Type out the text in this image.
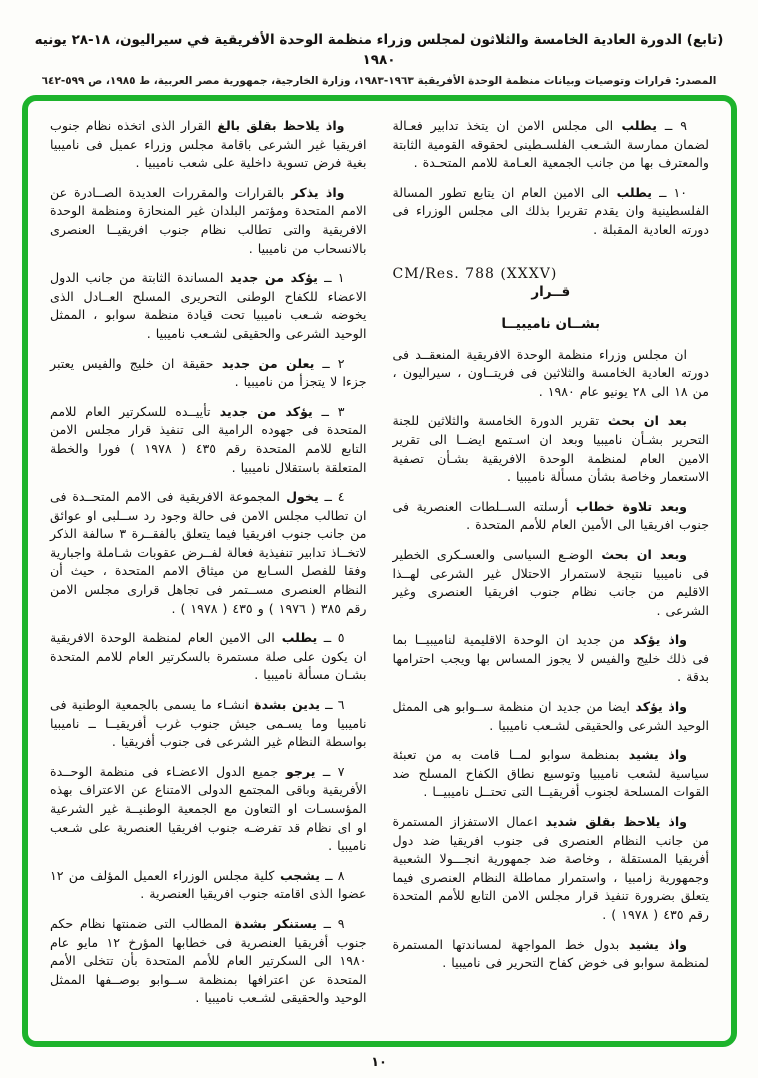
(تابع) الدورة العادية الخامسة والثلاثون لمجلس وزراء منظمة الوحدة الأفريقية في سيراليون، ١٨-٢٨ يونيه ١٩٨٠
المصدر: قرارات وتوصيات وبيانات منظمة الوحدة الأفريقية ١٩٦٣-١٩٨٣، وزارة الخارجية، جمهورية مصر العربية، ط ١٩٨٥، ص ٥٩٩-٦٤٢

٩ ــ يطلب الى مجلس الامن ان يتخذ تدابير فعـالة لضمان ممارسة الشـعب الفلسـطينى لحقوقه القومية الثابتة والمعترف بها من جانب الجمعية العـامة للامم المتحـدة .

١٠ ــ يطلب الى الامين العام ان يتابع تطور المسالة الفلسطينية وان يقدم تقريرا بذلك الى مجلس الوزراء فى دورته العادية المقبلة .

CM/Res. 788 (XXXV)
قــرار
بشــان ناميبيــا

ان مجلس وزراء منظمة الوحدة الافريقية المنعقــد فى دورته العادية الخامسة والثلاثين فى فريتــاون ، سيراليون ، من ١٨ الى ٢٨ يونيو عام ١٩٨٠ .

بعد ان بحث تقرير الدورة الخامسة والثلاثين للجنة التحرير بشـأن ناميبيا وبعد ان اسـتمع ايضــا الى تقرير الامين العام لمنظمة الوحدة الافريقية بشـأن تصفية الاستعمار وخاصة بشأن مسألة ناميبيا .

وبعد تلاوة خطاب أرسلته الســلطات العنصرية فى جنوب افريقيا الى الأمين العام للأمم المتحدة .

وبعد ان بحث الوضـع السياسى والعسـكرى الخطير فى ناميبيا نتيجة لاستمرار الاحتلال غير الشرعى لهــذا الاقليم من جانب نظام جنوب افريقيا العنصرى وغير الشرعى .

واذ يؤكد من جديد ان الوحدة الاقليمية لناميبيــا بما فى ذلك خليج والفيس لا يجوز المساس بها ويجب احترامها بدقة .

واذ يؤكد ايضا من جديد ان منظمة ســوابو هى الممثل الوحيد الشرعى والحقيقى لشـعب ناميبيا .

واذ يشيد بمنظمة سوابو لمــا قامت به من تعبئة سياسية لشعب ناميبيا وتوسيع نطاق الكفاح المسلح ضد القوات المسلحة لجنوب أفريقيــا التى تحتــل ناميبيــا .

واذ يلاحظ بقلق شديد اعمال الاستفزاز المستمرة من جانب النظام العنصرى فى جنوب افريقيا ضد دول أفريقيا المستقلة ، وخاصة ضد جمهورية انجـــولا الشعبية وجمهورية زامبيا ، واستمرار مماطلة النظام العنصرى فيما يتعلق بضرورة تنفيذ قرار مجلس الامن التابع للأمم المتحدة رقم ٤٣٥ ( ١٩٧٨ ) .

واذ يشيد بدول خط المواجهة لمساندتها المستمرة لمنظمة سوابو فى خوض كفاح التحرير فى ناميبيا .

واذ يلاحظ بقلق بالغ القرار الذى اتخذه نظام جنوب افريقيا غير الشرعى باقامة مجلس وزراء عميل فى ناميبيا بغية فرض تسوية داخلية على شعب ناميبيا .

واذ يذكر بالقرارات والمقررات العديدة الصــادرة عن الامم المتحدة ومؤتمر البلدان غير المنحازة ومنظمة الوحدة الافريقية والتى تطالب نظام جنوب افريقيــا العنصرى بالانسحاب من ناميبيا .

١ ــ يؤكد من جديد المساندة الثابتة من جانب الدول الاعضاء للكفاح الوطنى التحريرى المسلح العــادل الذى يخوضه شـعب ناميبيا تحت قيادة منظمة سوابو ، الممثل الوحيد الشرعى والحقيقى لشـعب ناميبيا .

٢ ــ يعلن من جديد حقيقة ان خليج والفيس يعتبر جزءا لا يتجزأ من ناميبيا .

٣ ــ يؤكد من جديد تأييــده للسكرتير العام للامم المتحدة فى جهوده الرامية الى تنفيذ قرار مجلس الامن التابع للامم المتحدة رقم ٤٣٥ ( ١٩٧٨ ) فورا والخطة المتعلقة باستقلال ناميبيا .

٤ ــ يخول المجموعة الافريقية فى الامم المتحــدة فى ان تطالب مجلس الامن فى حالة وجود رد ســلبى او عوائق من جانب جنوب افريقيا فيما يتعلق بالفقــرة ٣ سالفة الذكر لاتخــاذ تدابير تنفيذية فعالة لفــرض عقوبات شـاملة واجبارية وفقا للفصل السـابع من ميثاق الامم المتحدة ، حيث أن النظام العنصرى مســتمر فى تجاهل قرارى مجلس الامن رقم ٣٨٥ ( ١٩٧٦ ) و ٤٣٥ ( ١٩٧٨ ) .

٥ ــ يطلب الى الامين العام لمنظمة الوحدة الافريقية ان يكون على صلة مستمرة بالسكرتير العام للامم المتحدة بشـان مسألة ناميبيا .

٦ ــ يدين بشدة انشـاء ما يسمى بالجمعية الوطنية فى ناميبيا وما يسـمى جيش جنوب غرب أفريقيــا ــ ناميبيا بواسطة النظام غير الشرعى فى جنوب أفريقيا .

٧ ــ يرجو جميع الدول الاعضـاء فى منظمة الوحــدة الأفريقية وباقى المجتمع الدولى الامتناع عن الاعتراف بهذه المؤسسـات او التعاون مع الجمعية الوطنيــة غير الشرعية او اى نظام قد تفرضـه جنوب افريقيا العنصرية على شـعب ناميبيا .

٨ ــ يشجب كلية مجلس الوزراء العميل المؤلف من ١٢ عضوا الذى اقامته جنوب افريقيا العنصرية .

٩ ــ يستنكر بشدة المطالب التى ضمنتها نظام حكم جنوب أفريقيا العنصرية فى خطابها المؤرخ ١٢ مايو عام ١٩٨٠ الى السكرتير العام للأمم المتحدة بأن تتخلى الأمم المتحدة عن اعترافها بمنظمة ســوابو بوصــفها الممثل الوحيد والحقيقى لشـعب ناميبيا .

١٠
